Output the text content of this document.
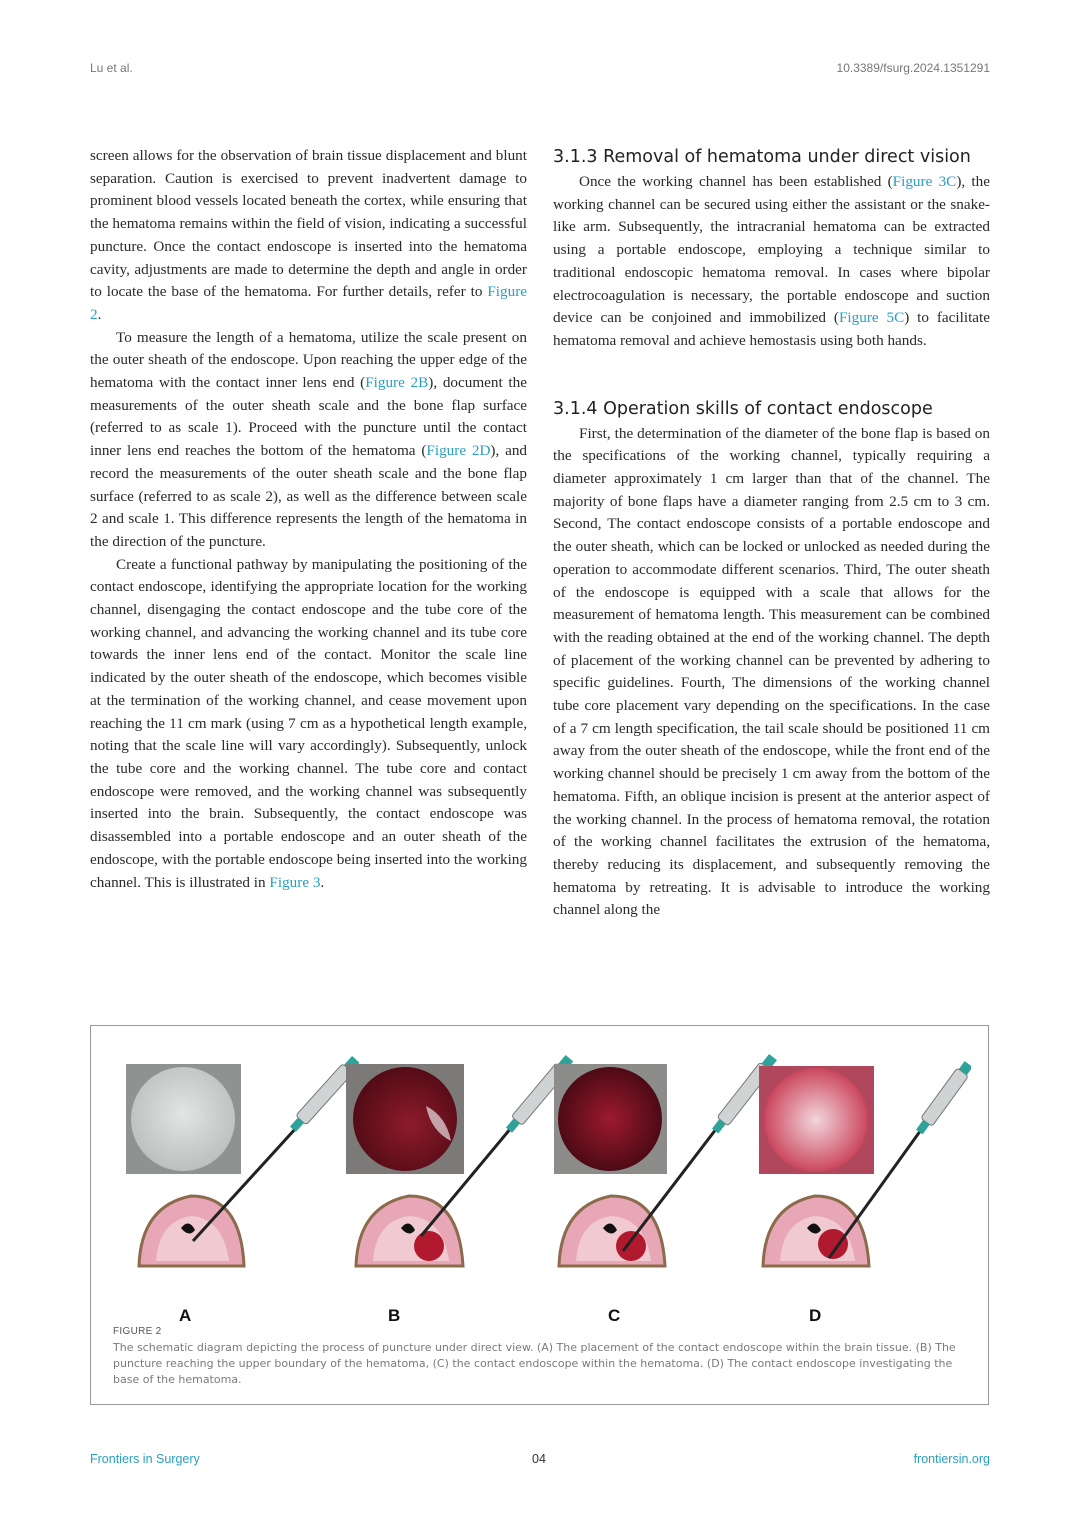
Lu et al.	10.3389/fsurg.2024.1351291

screen allows for the observation of brain tissue displacement and blunt separation. Caution is exercised to prevent inadvertent damage to prominent blood vessels located beneath the cortex, while ensuring that the hematoma remains within the field of vision, indicating a successful puncture. Once the contact endoscope is inserted into the hematoma cavity, adjustments are made to determine the depth and angle in order to locate the base of the hematoma. For further details, refer to Figure 2.

To measure the length of a hematoma, utilize the scale present on the outer sheath of the endoscope. Upon reaching the upper edge of the hematoma with the contact inner lens end (Figure 2B), document the measurements of the outer sheath scale and the bone flap surface (referred to as scale 1). Proceed with the puncture until the contact inner lens end reaches the bottom of the hematoma (Figure 2D), and record the measurements of the outer sheath scale and the bone flap surface (referred to as scale 2), as well as the difference between scale 2 and scale 1. This difference represents the length of the hematoma in the direction of the puncture.

Create a functional pathway by manipulating the positioning of the contact endoscope, identifying the appropriate location for the working channel, disengaging the contact endoscope and the tube core of the working channel, and advancing the working channel and its tube core towards the inner lens end of the contact. Monitor the scale line indicated by the outer sheath of the endoscope, which becomes visible at the termination of the working channel, and cease movement upon reaching the 11 cm mark (using 7 cm as a hypothetical length example, noting that the scale line will vary accordingly). Subsequently, unlock the tube core and the working channel. The tube core and contact endoscope were removed, and the working channel was subsequently inserted into the brain. Subsequently, the contact endoscope was disassembled into a portable endoscope and an outer sheath of the endoscope, with the portable endoscope being inserted into the working channel. This is illustrated in Figure 3.

3.1.3 Removal of hematoma under direct vision

Once the working channel has been established (Figure 3C), the working channel can be secured using either the assistant or the snake-like arm. Subsequently, the intracranial hematoma can be extracted using a portable endoscope, employing a technique similar to traditional endoscopic hematoma removal. In cases where bipolar electrocoagulation is necessary, the portable endoscope and suction device can be conjoined and immobilized (Figure 5C) to facilitate hematoma removal and achieve hemostasis using both hands.

3.1.4 Operation skills of contact endoscope

First, the determination of the diameter of the bone flap is based on the specifications of the working channel, typically requiring a diameter approximately 1 cm larger than that of the channel. The majority of bone flaps have a diameter ranging from 2.5 cm to 3 cm. Second, The contact endoscope consists of a portable endoscope and the outer sheath, which can be locked or unlocked as needed during the operation to accommodate different scenarios. Third, The outer sheath of the endoscope is equipped with a scale that allows for the measurement of hematoma length. This measurement can be combined with the reading obtained at the end of the working channel. The depth of placement of the working channel can be prevented by adhering to specific guidelines. Fourth, The dimensions of the working channel tube core placement vary depending on the specifications. In the case of a 7 cm length specification, the tail scale should be positioned 11 cm away from the outer sheath of the endoscope, while the front end of the working channel should be precisely 1 cm away from the bottom of the hematoma. Fifth, an oblique incision is present at the anterior aspect of the working channel. In the process of hematoma removal, the rotation of the working channel facilitates the extrusion of the hematoma, thereby reducing its displacement, and subsequently removing the hematoma by retreating. It is advisable to introduce the working channel along the

A	B	C	D
FIGURE 2

The schematic diagram depicting the process of puncture under direct view. (A) The placement of the contact endoscope within the brain tissue. (B) The puncture reaching the upper boundary of the hematoma, (C) the contact endoscope within the hematoma. (D) The contact endoscope investigating the base of the hematoma.

Frontiers in Surgery	04	frontiersin.org
